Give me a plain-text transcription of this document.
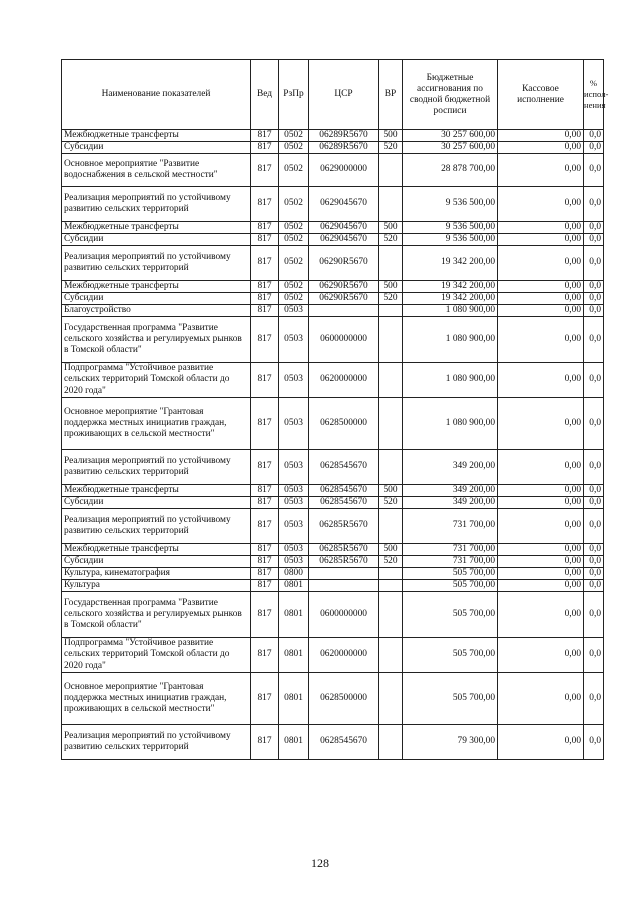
Наименование показателей	Вед	РзПр	ЦСР	ВР	Бюджетные ассигнования по сводной бюджетной росписи	Кассовое исполнение	% испол-нения
Межбюджетные трансферты	817	0502	06289R5670	500	30 257 600,00	0,00	0,0
Субсидии	817	0502	06289R5670	520	30 257 600,00	0,00	0,0
Основное мероприятие "Развитие водоснабжения в сельской местности"	817	0502	0629000000		28 878 700,00	0,00	0,0
Реализация мероприятий по устойчивому развитию сельских территорий	817	0502	0629045670		9 536 500,00	0,00	0,0
Межбюджетные трансферты	817	0502	0629045670	500	9 536 500,00	0,00	0,0
Субсидии	817	0502	0629045670	520	9 536 500,00	0,00	0,0
Реализация мероприятий по устойчивому развитию сельских территорий	817	0502	06290R5670		19 342 200,00	0,00	0,0
Межбюджетные трансферты	817	0502	06290R5670	500	19 342 200,00	0,00	0,0
Субсидии	817	0502	06290R5670	520	19 342 200,00	0,00	0,0
Благоустройство	817	0503			1 080 900,00	0,00	0,0
Государственная программа "Развитие сельского хозяйства и регулируемых рынков в Томской области"	817	0503	0600000000		1 080 900,00	0,00	0,0
Подпрограмма "Устойчивое развитие сельских территорий Томской области до 2020 года"	817	0503	0620000000		1 080 900,00	0,00	0,0
Основное мероприятие "Грантовая поддержка местных инициатив граждан, проживающих в сельской местности"	817	0503	0628500000		1 080 900,00	0,00	0,0
Реализация мероприятий по устойчивому развитию сельских территорий	817	0503	0628545670		349 200,00	0,00	0,0
Межбюджетные трансферты	817	0503	0628545670	500	349 200,00	0,00	0,0
Субсидии	817	0503	0628545670	520	349 200,00	0,00	0,0
Реализация мероприятий по устойчивому развитию сельских территорий	817	0503	06285R5670		731 700,00	0,00	0,0
Межбюджетные трансферты	817	0503	06285R5670	500	731 700,00	0,00	0,0
Субсидии	817	0503	06285R5670	520	731 700,00	0,00	0,0
Культура, кинематография	817	0800			505 700,00	0,00	0,0
Культура	817	0801			505 700,00	0,00	0,0
Государственная программа "Развитие сельского хозяйства и регулируемых рынков в Томской области"	817	0801	0600000000		505 700,00	0,00	0,0
Подпрограмма "Устойчивое развитие сельских территорий Томской области до 2020 года"	817	0801	0620000000		505 700,00	0,00	0,0
Основное мероприятие "Грантовая поддержка местных инициатив граждан, проживающих в сельской местности"	817	0801	0628500000		505 700,00	0,00	0,0
Реализация мероприятий по устойчивому развитию сельских территорий	817	0801	0628545670		79 300,00	0,00	0,0
128
